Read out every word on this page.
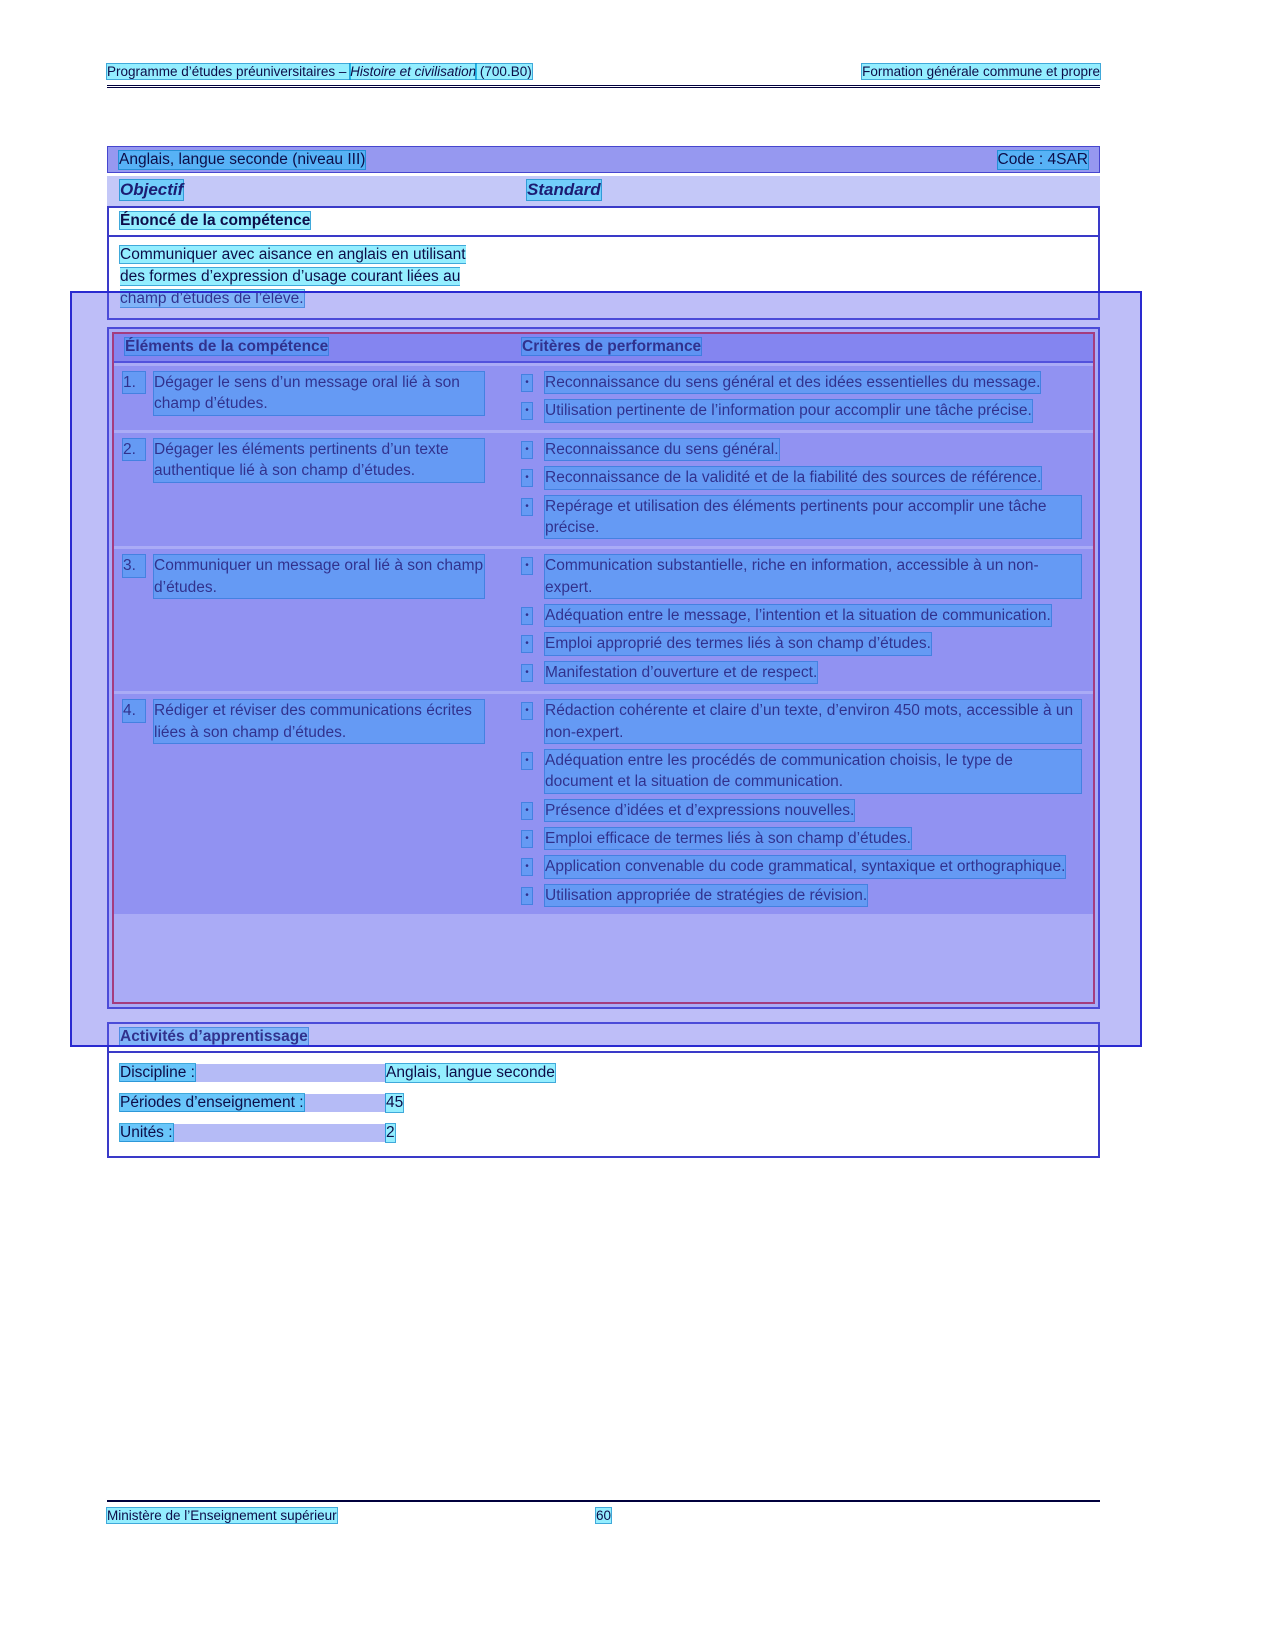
Programme d’études préuniversitaires – Histoire et civilisation (700.B0)	Formation générale commune et propre
Anglais, langue seconde (niveau III)	Code : 4SAR
Objectif	Standard
Énoncé de la compétence
Communiquer avec aisance en anglais en utilisant des formes d’expression d’usage courant liées au champ d’études de l’élève.
Éléments de la compétence	Critères de performance
1.	Dégager le sens d’un message oral lié à son champ d’études.
• Reconnaissance du sens général et des idées essentielles du message.
• Utilisation pertinente de l’information pour accomplir une tâche précise.
2.	Dégager les éléments pertinents d’un texte authentique lié à son champ d’études.
• Reconnaissance du sens général.
• Reconnaissance de la validité et de la fiabilité des sources de référence.
• Repérage et utilisation des éléments pertinents pour accomplir une tâche précise.
3.	Communiquer un message oral lié à son champ d’études.
• Communication substantielle, riche en information, accessible à un non-expert.
• Adéquation entre le message, l’intention et la situation de communication.
• Emploi approprié des termes liés à son champ d’études.
• Manifestation d’ouverture et de respect.
4.	Rédiger et réviser des communications écrites liées à son champ d’études.
• Rédaction cohérente et claire d’un texte, d’environ 450 mots, accessible à un non-expert.
• Adéquation entre les procédés de communication choisis, le type de document et la situation de communication.
• Présence d’idées et d’expressions nouvelles.
• Emploi efficace de termes liés à son champ d’études.
• Application convenable du code grammatical, syntaxique et orthographique.
• Utilisation appropriée de stratégies de révision.
Activités d’apprentissage
Discipline :	Anglais, langue seconde
Périodes d’enseignement :	45
Unités :	2
Ministère de l’Enseignement supérieur	60
